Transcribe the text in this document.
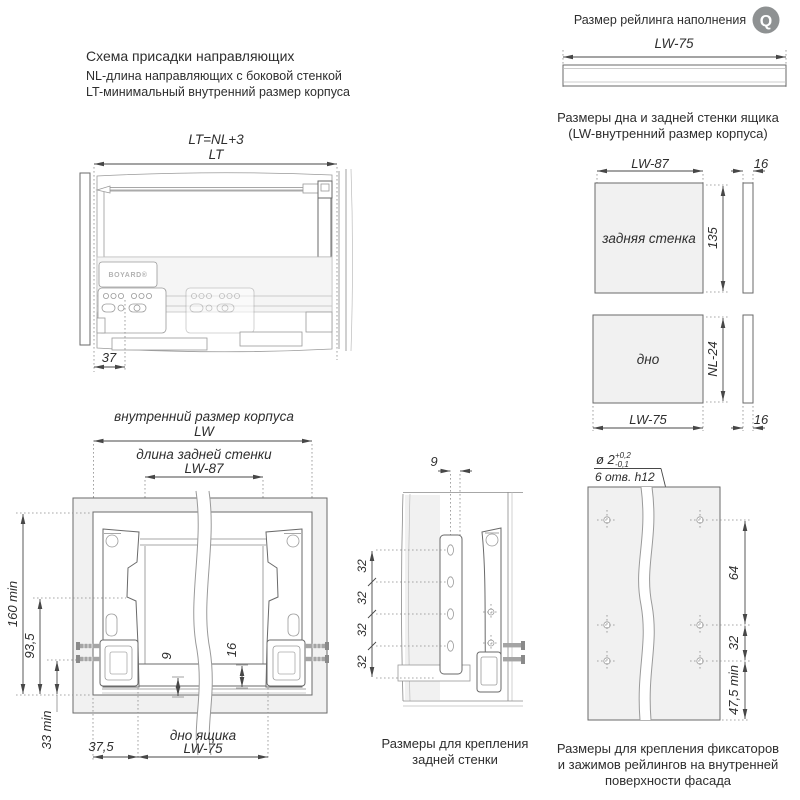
Схема присадки направляющих
NL-длина направляющих с боковой стенкой
LT-минимальный внутренний размер корпуса
LT=NL+3
LT
BOYARD®
37
Размер рейлинга наполнения Q
LW-75
Размеры дна и задней стенки ящика
(LW-внутренний размер корпуса)
LW-87
задняя стенка 135
16
дно	NL-24
LW-75	16
внутренний размер корпуса
LW
длина задней стенки
LW-87
160 min
93,5
33 min
9	16
37,5
дно ящика
LW-75
9
32
32
32
32
Размеры для крепления
задней стенки
ø 2 +0,2
-0,1
6 отв. h12
64
32
47,5 min
Размеры для крепления фиксаторов
и зажимов рейлингов на внутренней
поверхности фасада
